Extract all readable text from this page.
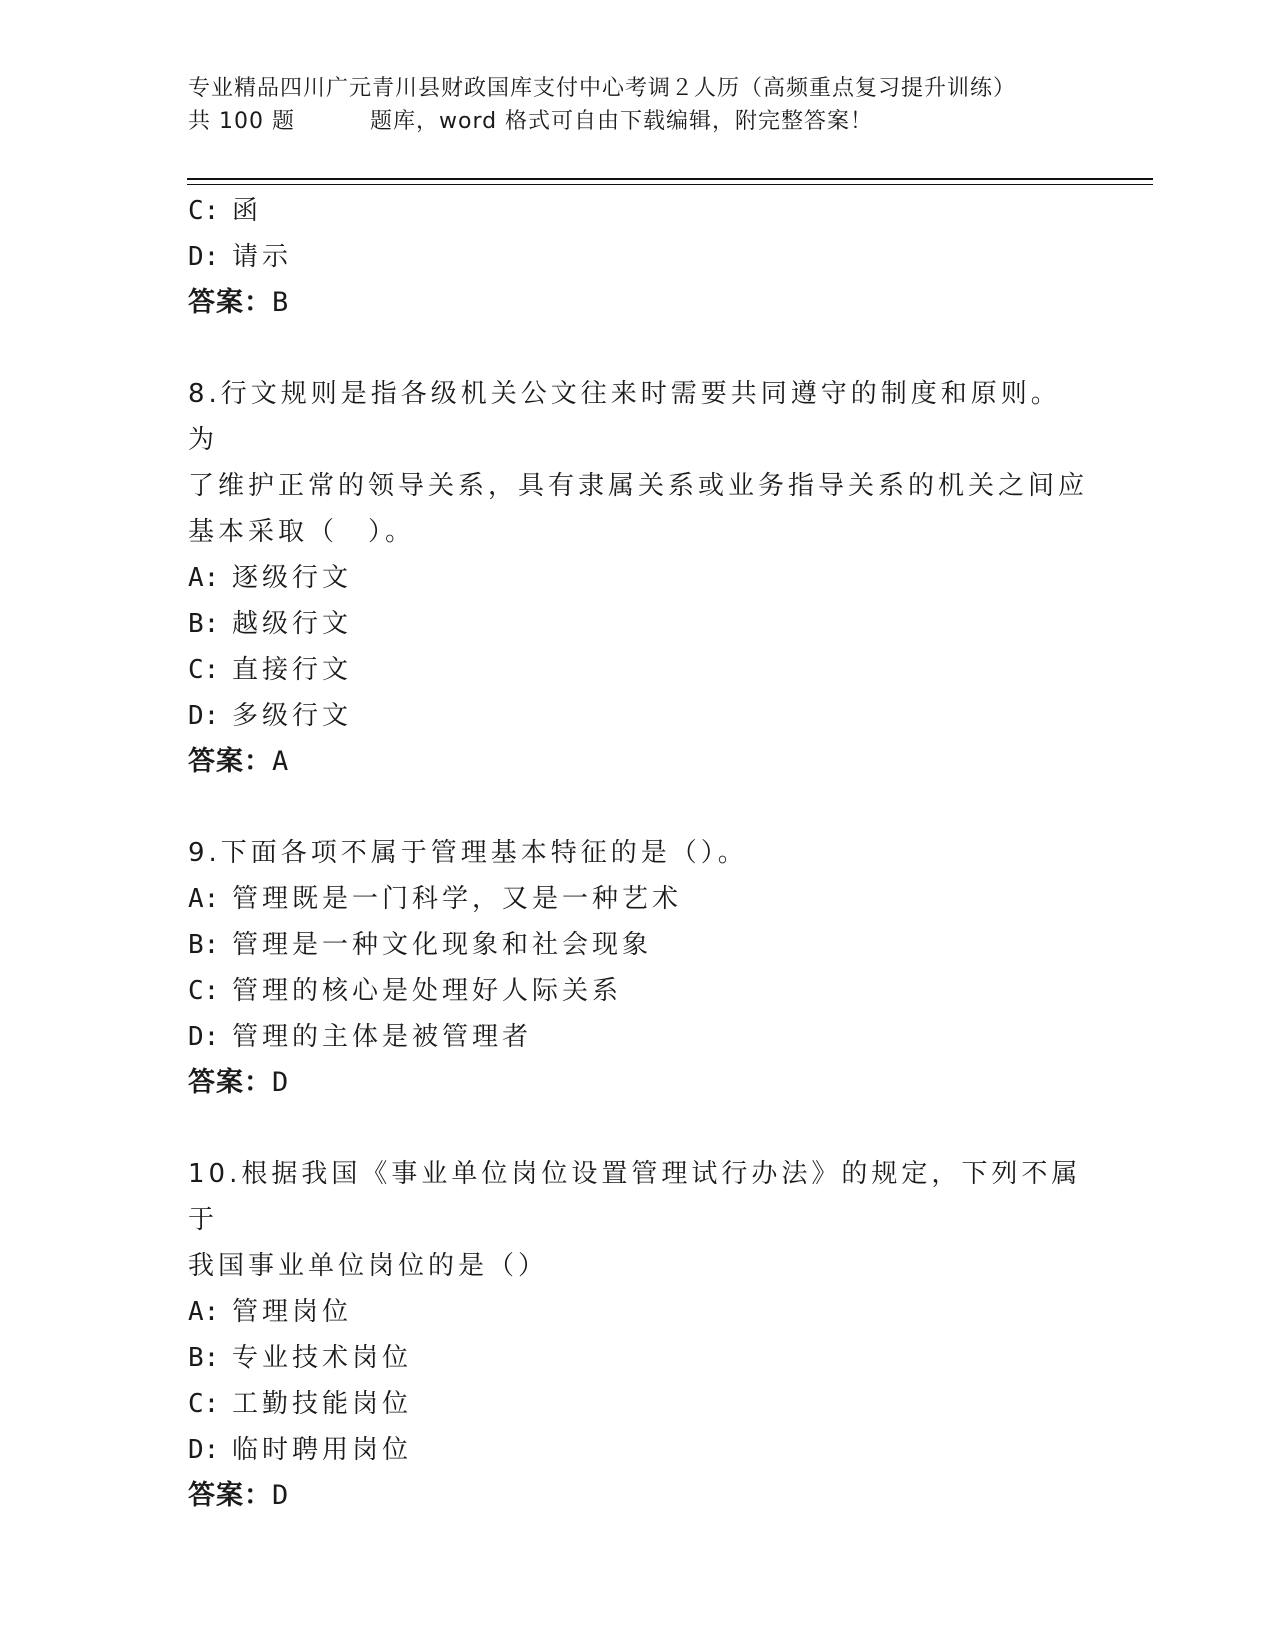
专业精品四川广元青川县财政国库支付中心考调２人历（高频重点复习提升训练）
共 100 题	题库，word 格式可自由下载编辑，附完整答案！
C: 函
D: 请示
答案：B
8.行文规则是指各级机关公文往来时需要共同遵守的制度和原则。为
了维护正常的领导关系，具有隶属关系或业务指导关系的机关之间应
基本采取（　）。
A: 逐级行文
B: 越级行文
C: 直接行文
D: 多级行文
答案：A
9.下面各项不属于管理基本特征的是（）。
A: 管理既是一门科学，又是一种艺术
B: 管理是一种文化现象和社会现象
C: 管理的核心是处理好人际关系
D: 管理的主体是被管理者
答案：D
10.根据我国《事业单位岗位设置管理试行办法》的规定，下列不属于
我国事业单位岗位的是（）
A: 管理岗位
B: 专业技术岗位
C: 工勤技能岗位
D: 临时聘用岗位
答案：D
